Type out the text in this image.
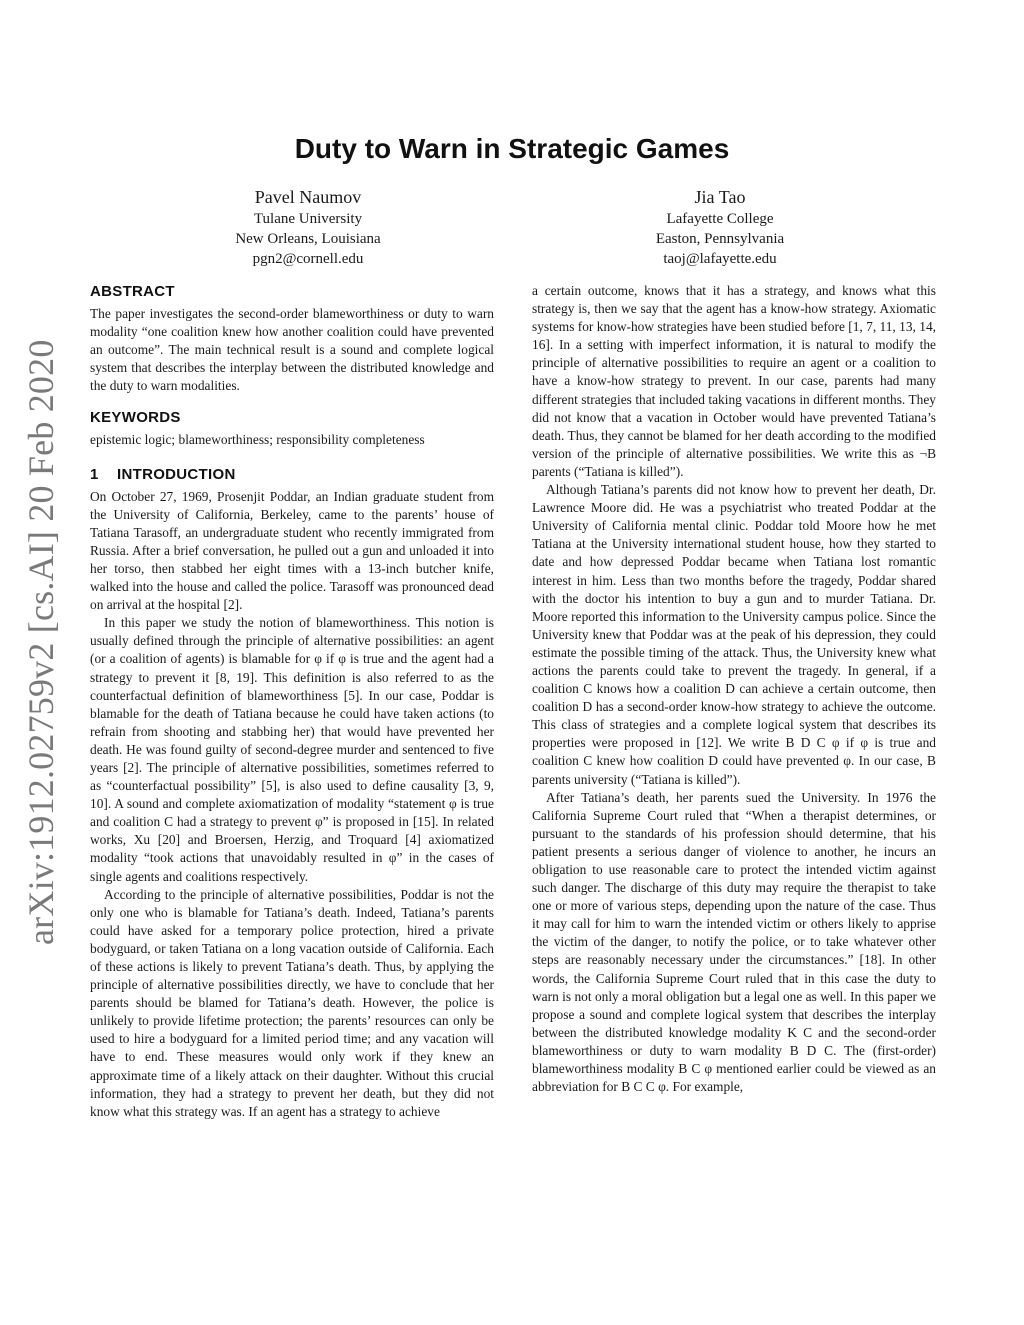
arXiv:1912.02759v2 [cs.AI] 20 Feb 2020
Duty to Warn in Strategic Games
Pavel Naumov
Tulane University
New Orleans, Louisiana
pgn2@cornell.edu
Jia Tao
Lafayette College
Easton, Pennsylvania
taoj@lafayette.edu
ABSTRACT

The paper investigates the second-order blameworthiness or duty to warn modality “one coalition knew how another coalition could have prevented an outcome”. The main technical result is a sound and complete logical system that describes the interplay between the distributed knowledge and the duty to warn modalities.

KEYWORDS

epistemic logic; blameworthiness; responsibility completeness

1 INTRODUCTION

On October 27, 1969, Prosenjit Poddar, an Indian graduate student from the University of California, Berkeley, came to the parents’ house of Tatiana Tarasoff, an undergraduate student who recently immigrated from Russia. After a brief conversation, he pulled out a gun and unloaded it into her torso, then stabbed her eight times with a 13-inch butcher knife, walked into the house and called the police. Tarasoff was pronounced dead on arrival at the hospital [2].

In this paper we study the notion of blameworthiness. This notion is usually defined through the principle of alternative possibilities: an agent (or a coalition of agents) is blamable for φ if φ is true and the agent had a strategy to prevent it [8, 19]. This definition is also referred to as the counterfactual definition of blameworthiness [5]. In our case, Poddar is blamable for the death of Tatiana because he could have taken actions (to refrain from shooting and stabbing her) that would have prevented her death. He was found guilty of second-degree murder and sentenced to five years [2]. The principle of alternative possibilities, sometimes referred to as “counterfactual possibility” [5], is also used to define causality [3, 9, 10]. A sound and complete axiomatization of modality “statement φ is true and coalition C had a strategy to prevent φ” is proposed in [15]. In related works, Xu [20] and Broersen, Herzig, and Troquard [4] axiomatized modality “took actions that unavoidably resulted in φ” in the cases of single agents and coalitions respectively.

According to the principle of alternative possibilities, Poddar is not the only one who is blamable for Tatiana’s death. Indeed, Tatiana’s parents could have asked for a temporary police protection, hired a private bodyguard, or taken Tatiana on a long vacation outside of California. Each of these actions is likely to prevent Tatiana’s death. Thus, by applying the principle of alternative possibilities directly, we have to conclude that her parents should be blamed for Tatiana’s death. However, the police is unlikely to provide lifetime protection; the parents’ resources can only be used to hire a bodyguard for a limited period time; and any vacation will have to end. These measures would only work if they knew an approximate time of a likely attack on their daughter. Without this crucial information, they had a strategy to prevent her death, but they did not know what this strategy was. If an agent has a strategy to achieve

a certain outcome, knows that it has a strategy, and knows what this strategy is, then we say that the agent has a know-how strategy. Axiomatic systems for know-how strategies have been studied before [1, 7, 11, 13, 14, 16]. In a setting with imperfect information, it is natural to modify the principle of alternative possibilities to require an agent or a coalition to have a know-how strategy to prevent. In our case, parents had many different strategies that included taking vacations in different months. They did not know that a vacation in October would have prevented Tatiana’s death. Thus, they cannot be blamed for her death according to the modified version of the principle of alternative possibilities. We write this as ¬B parents (“Tatiana is killed”).

Although Tatiana’s parents did not know how to prevent her death, Dr. Lawrence Moore did. He was a psychiatrist who treated Poddar at the University of California mental clinic. Poddar told Moore how he met Tatiana at the University international student house, how they started to date and how depressed Poddar became when Tatiana lost romantic interest in him. Less than two months before the tragedy, Poddar shared with the doctor his intention to buy a gun and to murder Tatiana. Dr. Moore reported this information to the University campus police. Since the University knew that Poddar was at the peak of his depression, they could estimate the possible timing of the attack. Thus, the University knew what actions the parents could take to prevent the tragedy. In general, if a coalition C knows how a coalition D can achieve a certain outcome, then coalition D has a second-order know-how strategy to achieve the outcome. This class of strategies and a complete logical system that describes its properties were proposed in [12]. We write B D C φ if φ is true and coalition C knew how coalition D could have prevented φ. In our case, B parents university (“Tatiana is killed”).

After Tatiana’s death, her parents sued the University. In 1976 the California Supreme Court ruled that “When a therapist determines, or pursuant to the standards of his profession should determine, that his patient presents a serious danger of violence to another, he incurs an obligation to use reasonable care to protect the intended victim against such danger. The discharge of this duty may require the therapist to take one or more of various steps, depending upon the nature of the case. Thus it may call for him to warn the intended victim or others likely to apprise the victim of the danger, to notify the police, or to take whatever other steps are reasonably necessary under the circumstances.” [18]. In other words, the California Supreme Court ruled that in this case the duty to warn is not only a moral obligation but a legal one as well. In this paper we propose a sound and complete logical system that describes the interplay between the distributed knowledge modality K C and the second-order blameworthiness or duty to warn modality B D C. The (first-order) blameworthiness modality B C φ mentioned earlier could be viewed as an abbreviation for B C C φ. For example,
